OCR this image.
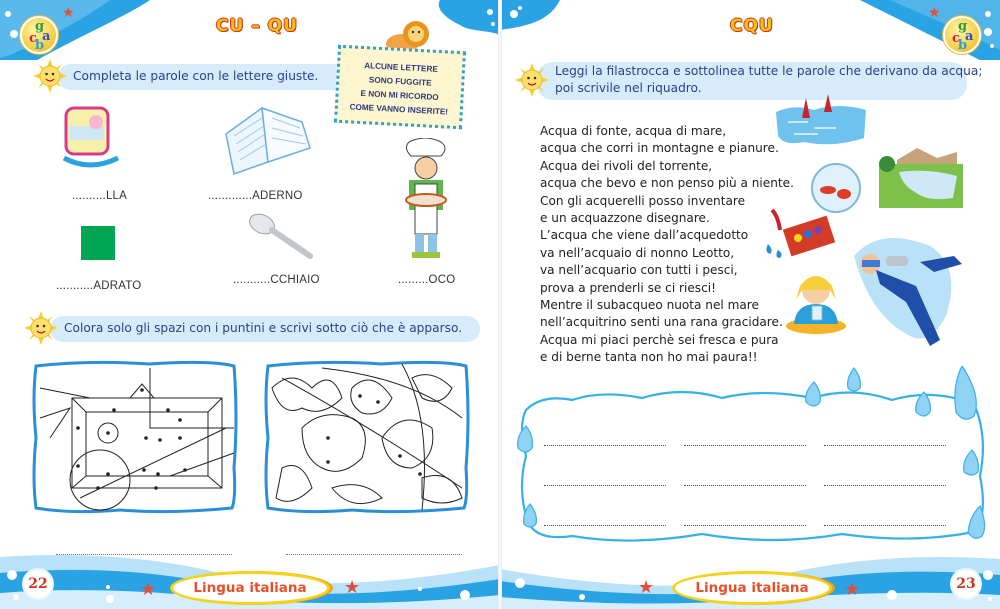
c
g
a
b
★
CU – QU
Completa le parole con le lettere giuste.
ALCUNE LETTERE
SONO FUGGITE
E NON MI RICORDO
COME VANNO INSERITE!
..........LLA	.............ADERNO
...........ADRATO	...........CCHIAIO	.........OCO
Colora solo gli spazi con i puntini e scrivi sotto ciò che è apparso.
22	★	Lingua italiana	★
★
c
g
a
b
CQU
Leggi la filastrocca e sottolinea tutte le parole che derivano da acqua;
poi scrivile nel riquadro.
Acqua di fonte, acqua di mare,
acqua che corri in montagne e pianure.
Acqua dei rivoli del torrente,
acqua che bevo e non penso più a niente.
Con gli acquerelli posso inventare
e un acquazzone disegnare.
L’acqua che viene dall’acquedotto
va nell’acquaio di nonno Leotto,
va nell’acquario con tutti i pesci,
prova a prenderli se ci riesci!
Mentre il subacqueo nuota nel mare
nell’acquitrino senti una rana gracidare.
Acqua mi piaci perchè sei fresca e pura
e di berne tanta non ho mai paura!!
★	Lingua italiana	★	23
